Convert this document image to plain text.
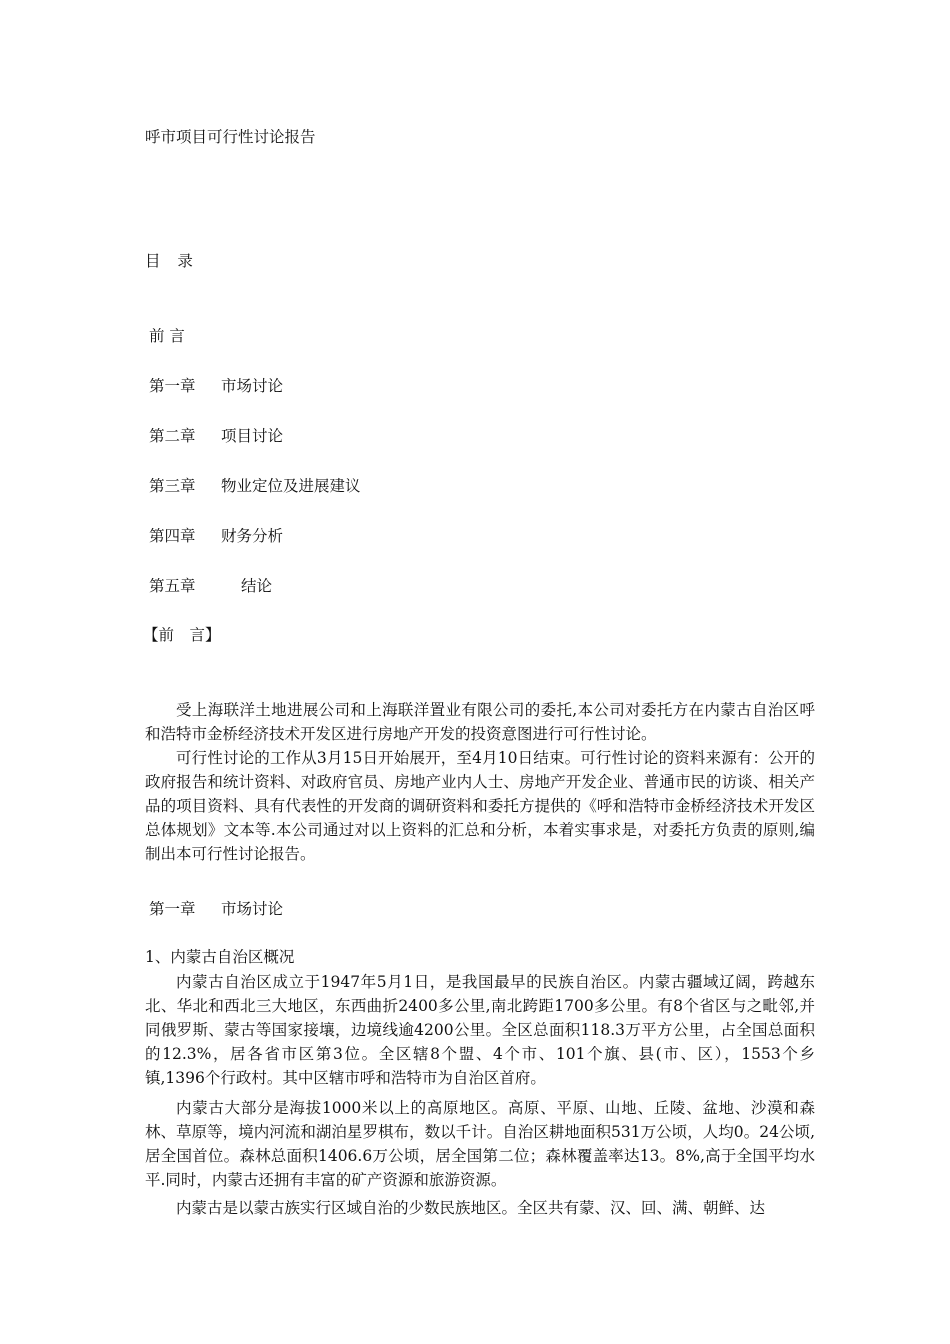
呼市项目可行性讨论报告
目 录
前 言
第一章 市场讨论
第二章 项目讨论
第三章 物业定位及进展建议
第四章 财务分析
第五章	结论
【前　言】
受上海联洋土地进展公司和上海联洋置业有限公司的委托,本公司对委托方在内蒙古自治区呼和浩特市金桥经济技术开发区进行房地产开发的投资意图进行可行性讨论。
可行性讨论的工作从3月15日开始展开，至4月10日结束。可行性讨论的资料来源有：公开的政府报告和统计资料、对政府官员、房地产业内人士、房地产开发企业、普通市民的访谈、相关产品的项目资料、具有代表性的开发商的调研资料和委托方提供的《呼和浩特市金桥经济技术开发区总体规划》文本等.本公司通过对以上资料的汇总和分析，本着实事求是，对委托方负责的原则,编制出本可行性讨论报告。
第一章 市场讨论
1、内蒙古自治区概况
内蒙古自治区成立于1947年5月1日，是我国最早的民族自治区。内蒙古疆域辽阔，跨越东北、华北和西北三大地区，东西曲折2400多公里,南北跨距1700多公里。有8个省区与之毗邻,并同俄罗斯、蒙古等国家接壤，边境线逾4200公里。全区总面积118.3万平方公里，占全国总面积的12.3%，居各省市区第3位。全区辖8个盟、4个市、101个旗、县(市、区），1553个乡镇,1396个行政村。其中区辖市呼和浩特市为自治区首府。
内蒙古大部分是海拔1000米以上的高原地区。高原、平原、山地、丘陵、盆地、沙漠和森林、草原等，境内河流和湖泊星罗棋布，数以千计。自治区耕地面积531万公顷，人均0。24公顷,居全国首位。森林总面积1406.6万公顷，居全国第二位；森林覆盖率达13。8%,高于全国平均水平.同时，内蒙古还拥有丰富的矿产资源和旅游资源。
内蒙古是以蒙古族实行区域自治的少数民族地区。全区共有蒙、汉、回、满、朝鲜、达
